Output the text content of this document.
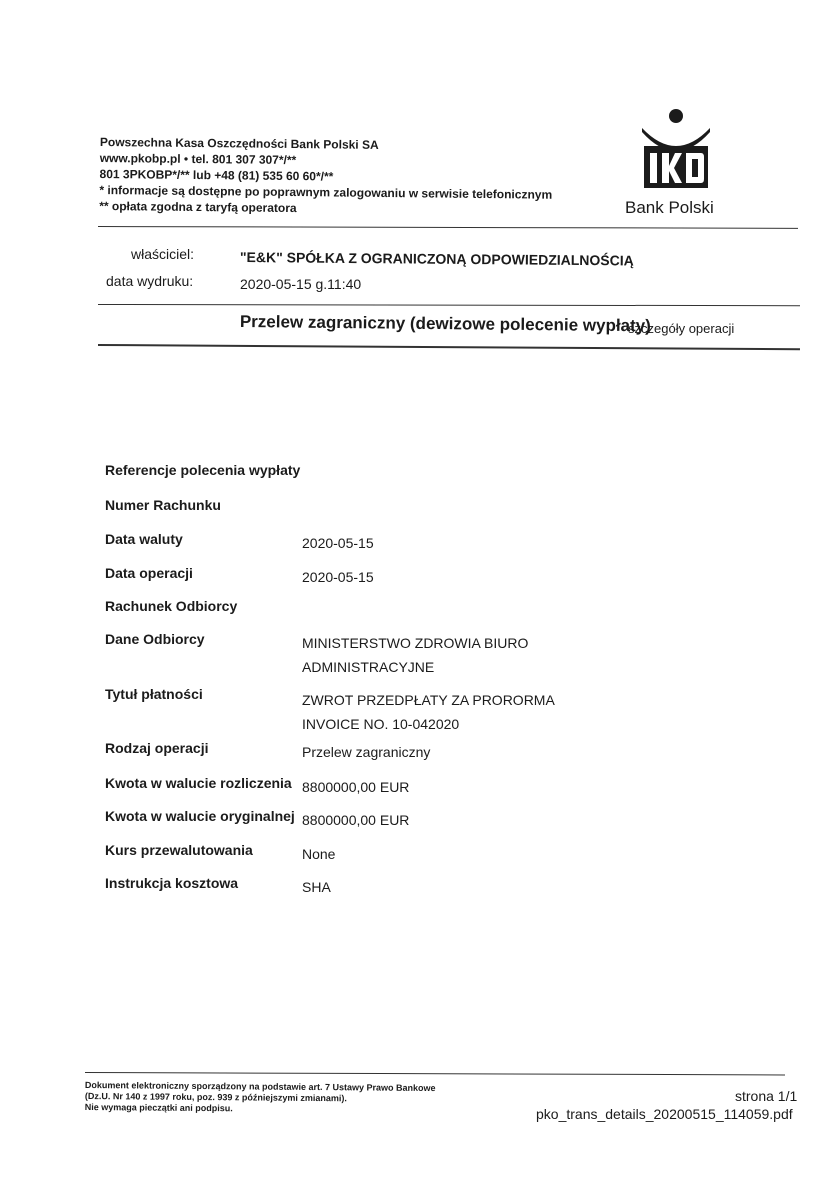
Powszechna Kasa Oszczędności Bank Polski SA
www.pkobp.pl • tel. 801 307 307*/**
801 3PKOBP*/** lub +48 (81) 535 60 60*/**
* informacje są dostępne po poprawnym zalogowaniu w serwisie telefonicznym
** opłata zgodna z taryfą operatora	Bank Polski
właściciel:	"E&K" SPÓŁKA Z OGRANICZONĄ ODPOWIEDZIALNOŚCIĄ
data wydruku:	2020-05-15 g.11:40
Przelew zagraniczny (dewizowe polecenie wypłaty)
szczegóły operacji
Referencje polecenia wypłaty
Numer Rachunku
Data waluty	2020-05-15
Data operacji	2020-05-15
Rachunek Odbiorcy
Dane Odbiorcy	MINISTERSTWO ZDROWIA BIURO
ADMINISTRACYJNE
Tytuł płatności	ZWROT PRZEDPŁATY ZA PRORORMA
INVOICE NO. 10-042020
Rodzaj operacji	Przelew zagraniczny
Kwota w walucie rozliczenia 8800000,00 EUR
Kwota w walucie oryginalnej 8800000,00 EUR
Kurs przewalutowania	None
Instrukcja kosztowa	SHA
Dokument elektroniczny sporządzony na podstawie art. 7 Ustawy Prawo Bankowe
(Dz.U. Nr 140 z 1997 roku, poz. 939 z późniejszymi zmianami).
Nie wymaga pieczątki ani podpisu.
strona 1/1
pko_trans_details_20200515_114059.pdf
